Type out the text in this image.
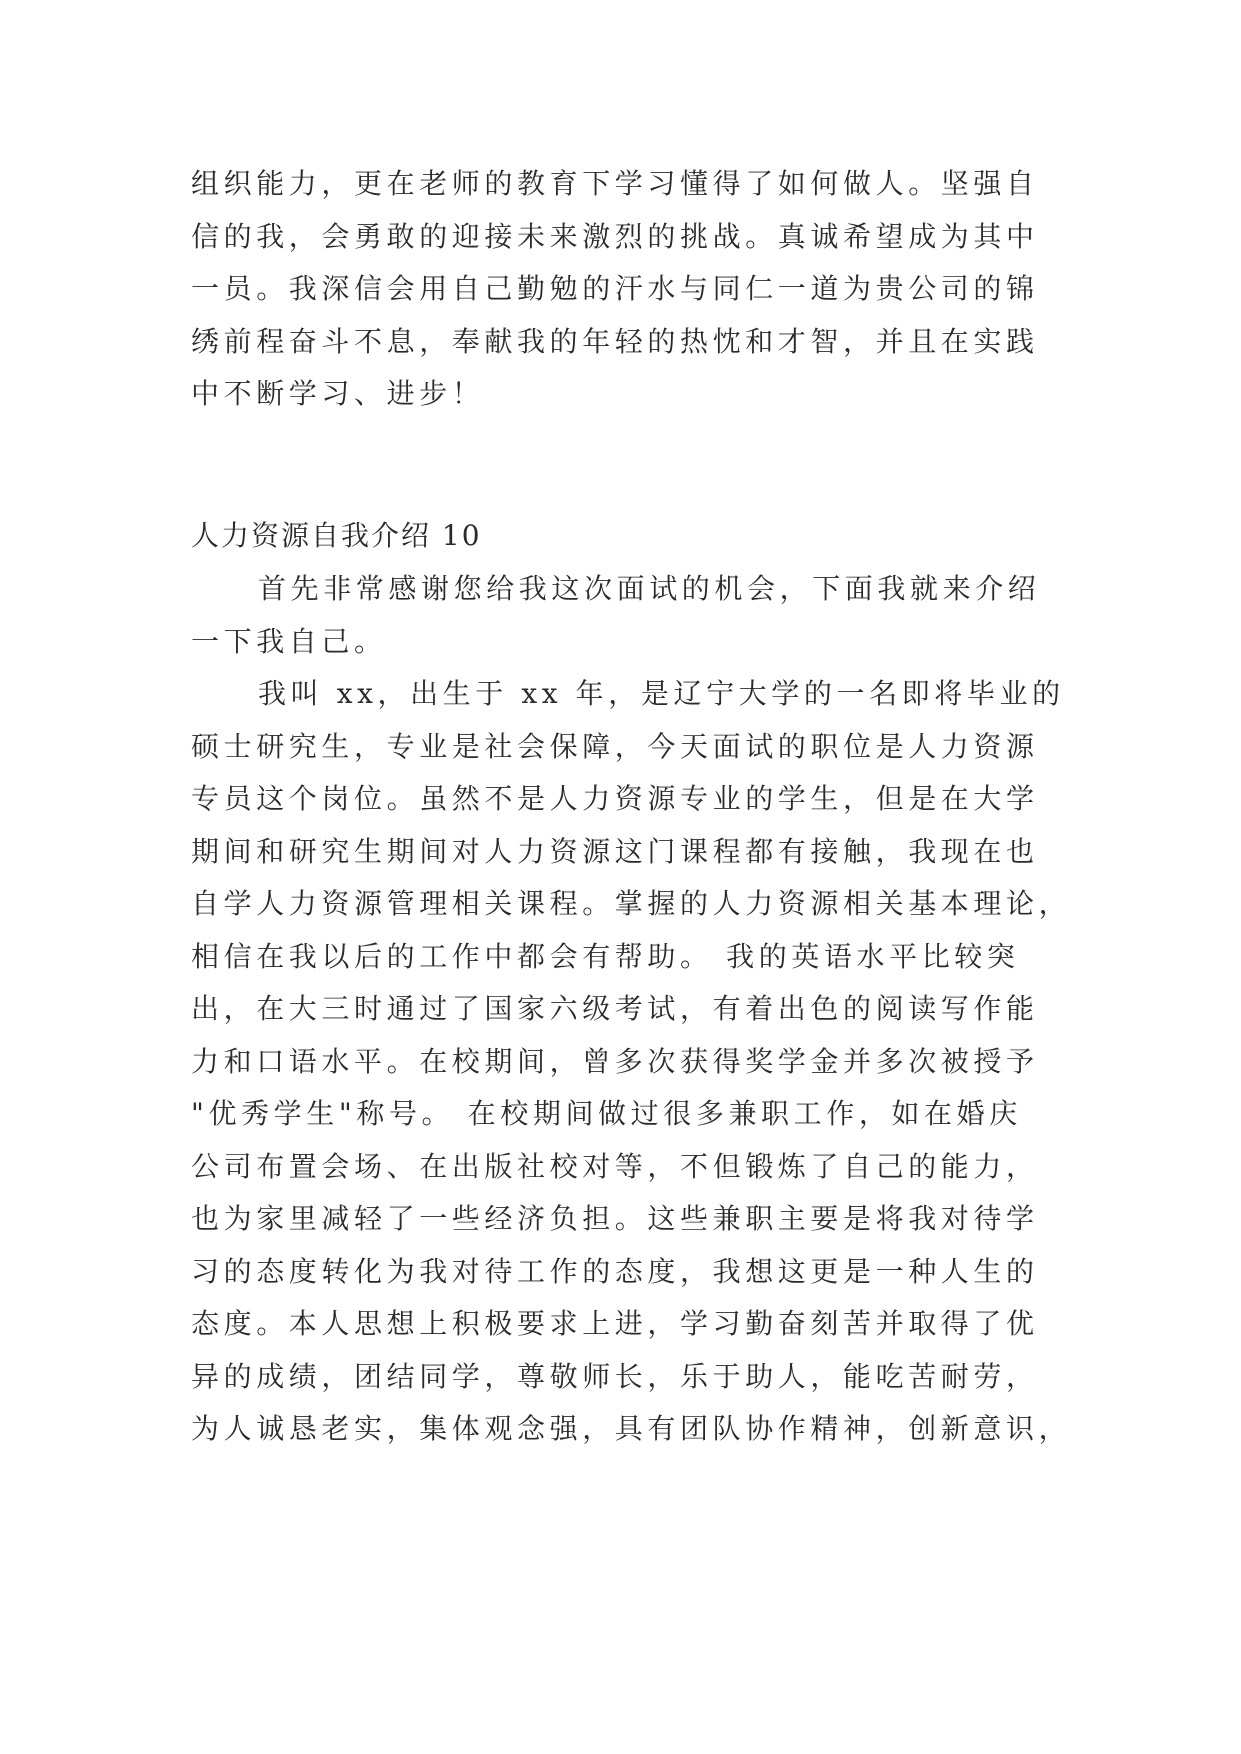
组织能力，更在老师的教育下学习懂得了如何做人。坚强自
信的我，会勇敢的迎接未来激烈的挑战。真诚希望成为其中
一员。我深信会用自己勤勉的汗水与同仁一道为贵公司的锦
绣前程奋斗不息，奉献我的年轻的热忱和才智，并且在实践
中不断学习、进步！
人力资源自我介绍 10
首先非常感谢您给我这次面试的机会，下面我就来介绍
一下我自己。
我叫 xx，出生于 xx 年，是辽宁大学的一名即将毕业的
硕士研究生，专业是社会保障，今天面试的职位是人力资源
专员这个岗位。虽然不是人力资源专业的学生，但是在大学
期间和研究生期间对人力资源这门课程都有接触，我现在也
自学人力资源管理相关课程。掌握的人力资源相关基本理论，
相信在我以后的工作中都会有帮助。 我的英语水平比较突
出，在大三时通过了国家六级考试，有着出色的阅读写作能
力和口语水平。在校期间，曾多次获得奖学金并多次被授予
"优秀学生"称号。 在校期间做过很多兼职工作，如在婚庆
公司布置会场、在出版社校对等，不但锻炼了自己的能力，
也为家里减轻了一些经济负担。这些兼职主要是将我对待学
习的态度转化为我对待工作的态度，我想这更是一种人生的
态度。本人思想上积极要求上进，学习勤奋刻苦并取得了优
异的成绩，团结同学，尊敬师长，乐于助人，能吃苦耐劳，
为人诚恳老实，集体观念强，具有团队协作精神，创新意识，
